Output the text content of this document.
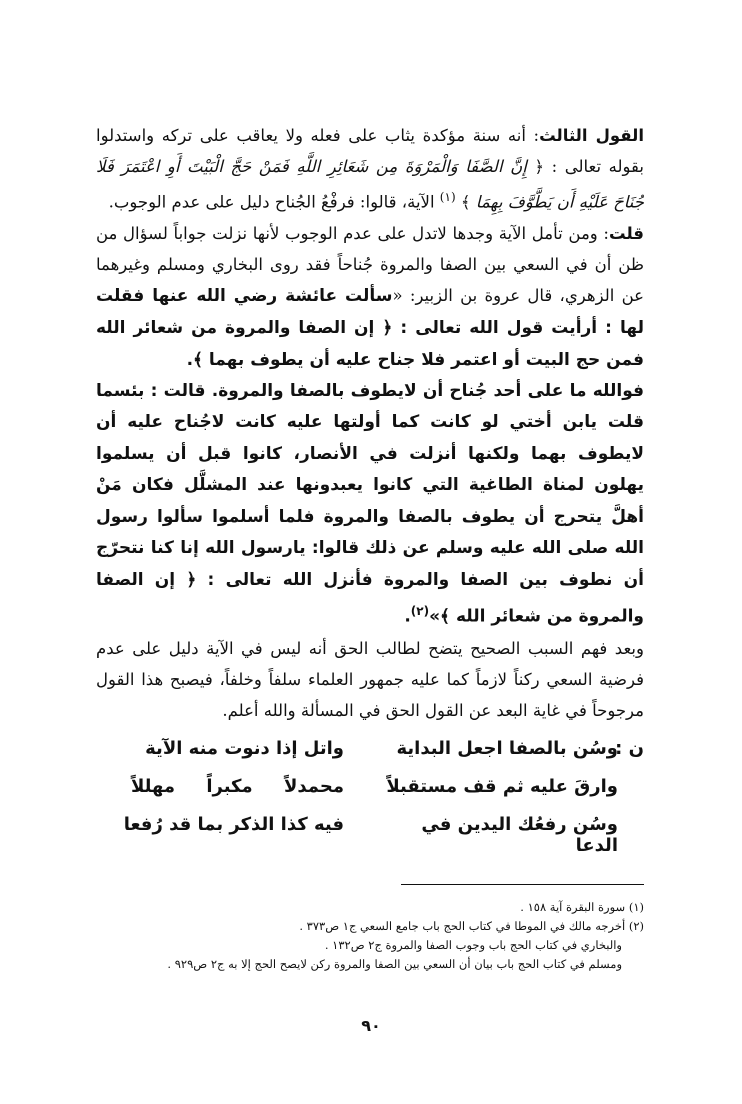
القول الثالث: أنه سنة مؤكدة يثاب على فعله ولا يعاقب على تركه واستدلوا بقوله تعالى : ﴿ إِنَّ الصَّفَا وَالْمَرْوَةَ مِن شَعَائِرِ اللَّهِ فَمَنْ حَجَّ الْبَيْتَ أَوِ اعْتَمَرَ فَلَا جُنَاحَ عَلَيْهِ أَن يَطَّوَّفَ بِهِمَا ﴾ $^{(١)}$ الآية، قالوا: فرفْعُ الجُناح دليل على عدم الوجوب.

قلت: ومن تأمل الآية وجدها لاتدل على عدم الوجوب لأنها نزلت جواباً لسؤال من ظن أن في السعي بين الصفا والمروة جُناحاً فقد روى البخاري ومسلم وغيرهما عن الزهري، قال عروة بن الزبير: «سألت عائشة رضي الله عنها فقلت لها : أرأيت قول الله تعالى : ﴿ إن الصفا والمروة من شعائر الله فمن حج البيت أو اعتمر فلا جناح عليه أن يطوف بهما ﴾.

فوالله ما على أحد جُناح أن لايطوف بالصفا والمروة. قالت : بئسما قلت يابن أختي لو كانت كما أولتها عليه كانت لاجُناح عليه أن لايطوف بهما ولكنها أنزلت في الأنصار، كانوا قبل أن يسلموا يهلون لمناة الطاغية التي كانوا يعبدونها عند المشلَّل فكان مَنْ أهلَّ يتحرج أن يطوف بالصفا والمروة فلما أسلموا سألوا رسول الله صلى الله عليه وسلم عن ذلك قالوا: يارسول الله إنا كنا نتحرّج أن نطوف بين الصفا والمروة فأنزل الله تعالى : ﴿ إن الصفا والمروة من شعائر الله ﴾»$^{(٢)}$.

وبعد فهم السبب الصحيح يتضح لطالب الحق أنه ليس في الآية دليل على عدم فرضية السعي ركناً لازماً كما عليه جمهور العلماء سلفاً وخلفاً، فيصبح هذا القول مرجوحاً في غاية البعد عن القول الحق في المسألة والله أعلم.

ن :
وسُن بالصفا اجعل البداية
واتل إذا دنوت منه الآية
وارقَ عليه ثم قف مستقبلاً
محمدلاً     مكبراً     مهللاً
وسُن رفعُك اليدين في الدعا
فيه كذا الذكر بما قد رُفعا
(١) سورة البقرة آية ١٥٨ .
(٢) أخرجه مالك في الموطا في كتاب الحج باب جامع السعي ج١ ص٣٧٣ .
والبخاري في كتاب الحج باب وجوب الصفا والمروة ج٢ ص١٣٢ .
ومسلم في كتاب الحج باب بيان أن السعي بين الصفا والمروة ركن لايصح الحج إلا به ج٢ ص٩٢٩ .
٩٠
